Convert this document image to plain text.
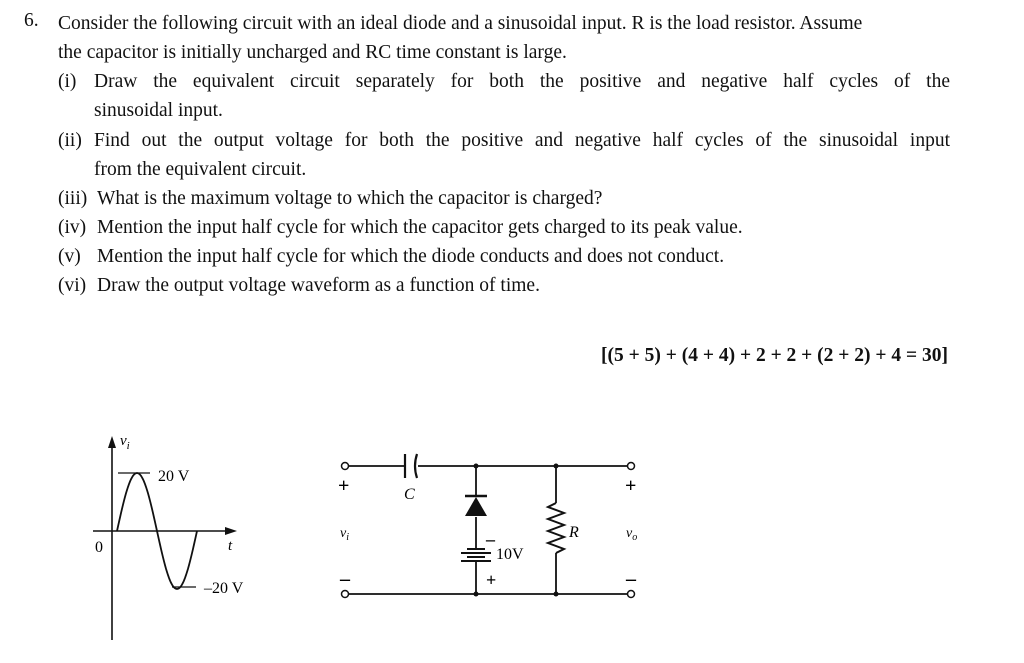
6. Consider the following circuit with an ideal diode and a sinusoidal input. R is the load resistor. Assume
the capacitor is initially uncharged and RC time constant is large.
(i) Draw the equivalent circuit separately for both the positive and negative half cycles of the
sinusoidal input.
(ii) Find out the output voltage for both the positive and negative half cycles of the sinusoidal input
from the equivalent circuit.
(iii) What is the maximum voltage to which the capacitor is charged?
(iv) Mention the input half cycle for which the capacitor gets charged to its peak value.
(v) Mention the input half cycle for which the diode conducts and does not conduct.
(vi) Draw the output voltage waveform as a function of time.
[(5 + 5) + (4 + 4) + 2 + 2 + (2 + 2) + 4 = 30]
$v_i$
20 V
–20 V
0	t
+
–
+
–
$v_i$	$v_o$
C
R
10V
–
+
